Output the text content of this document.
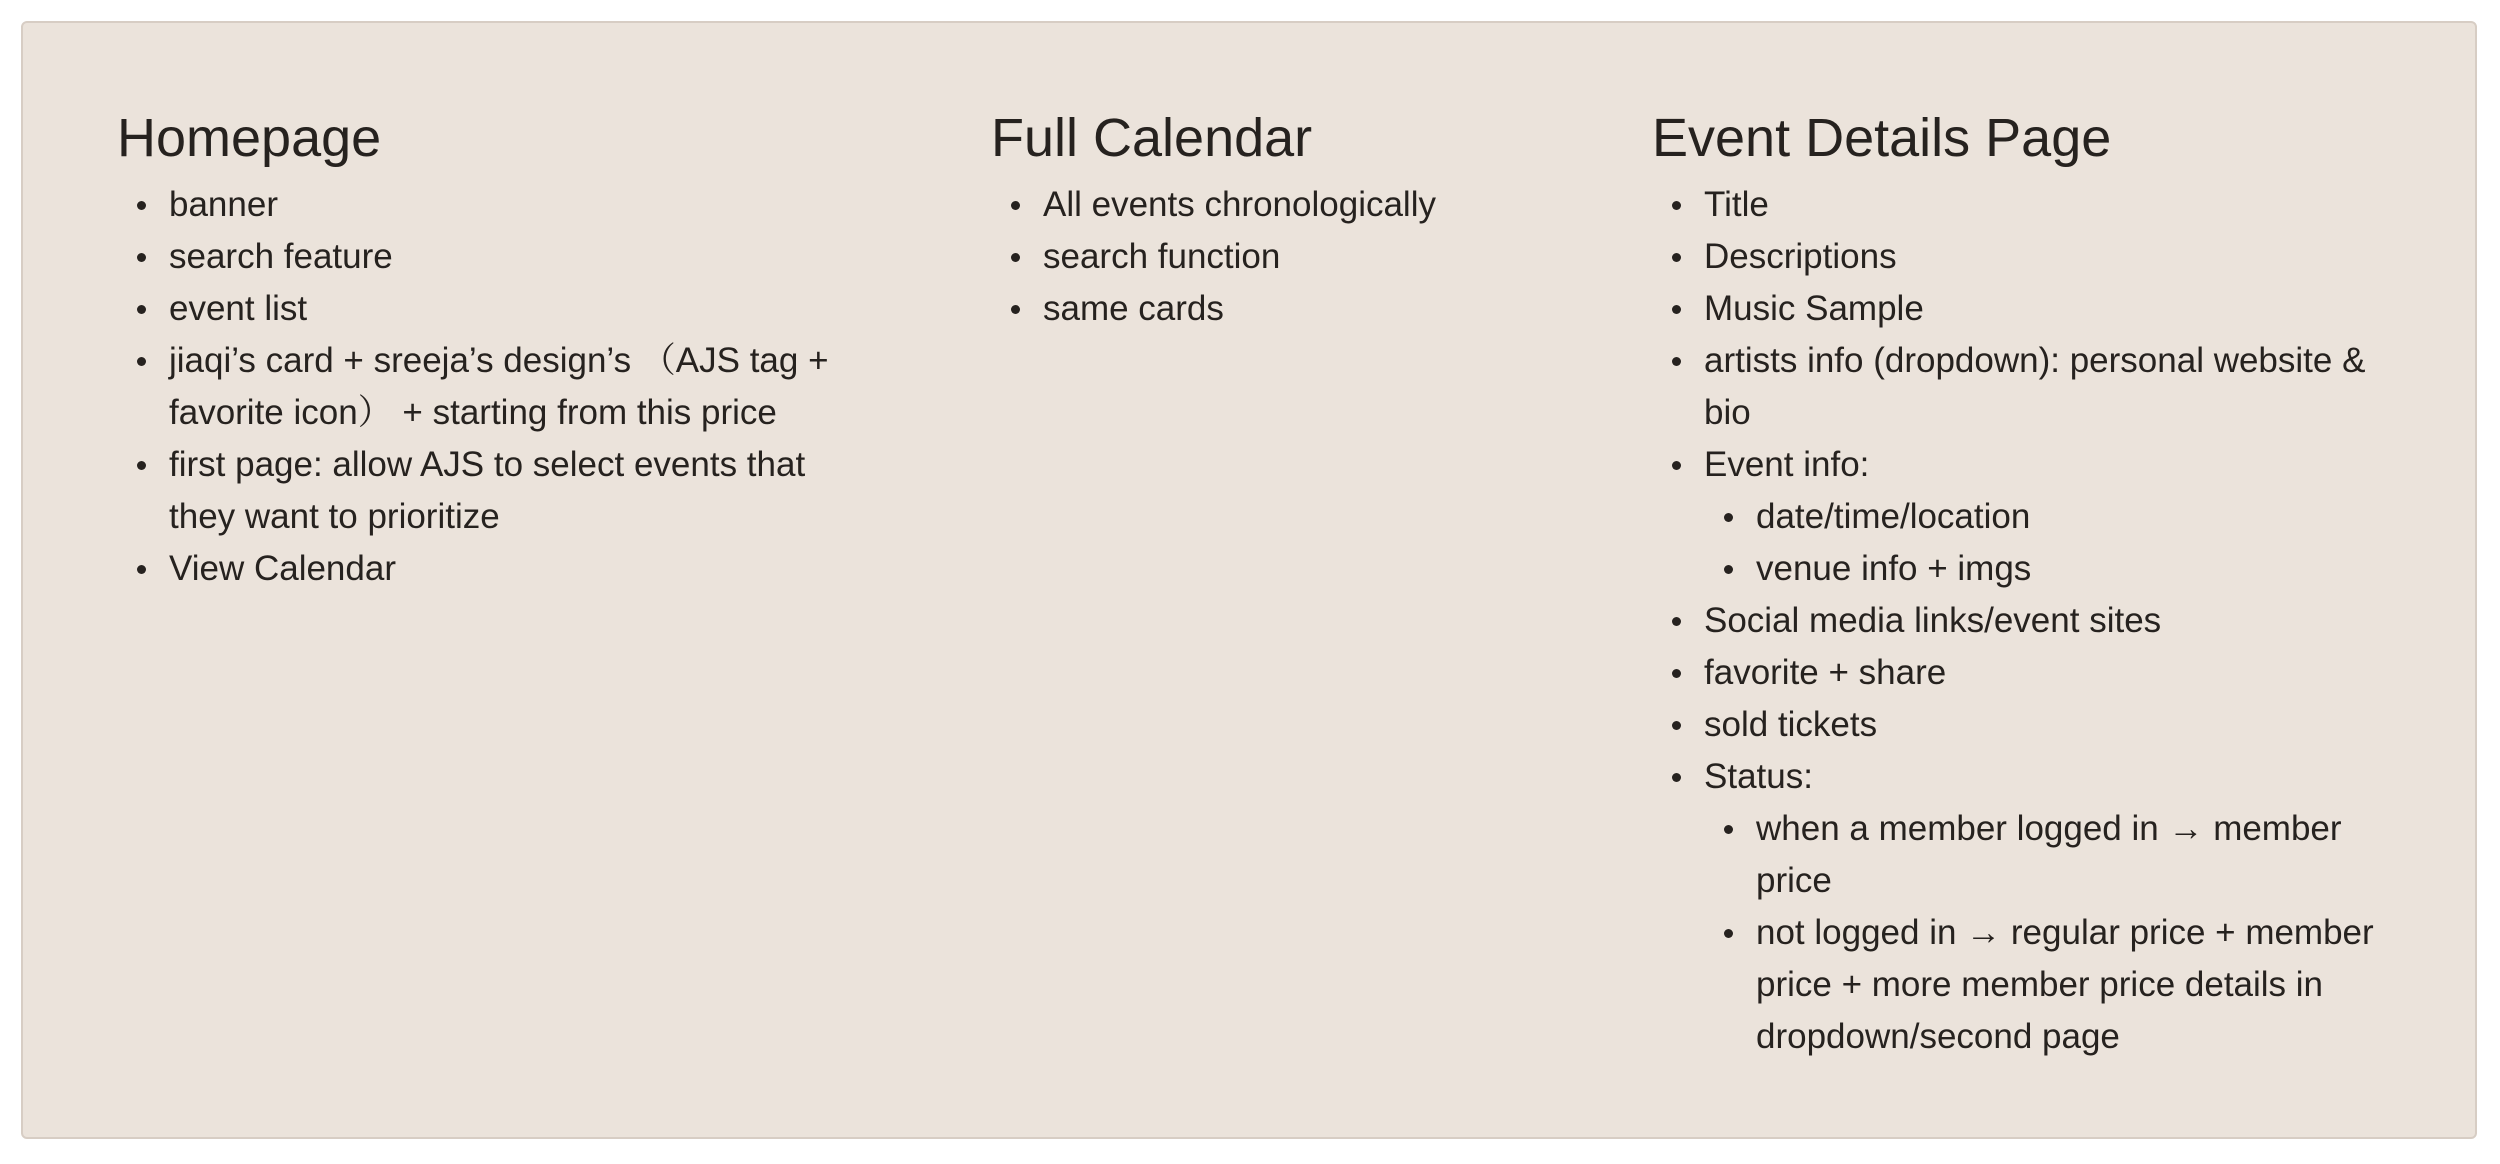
Homepage
banner
search feature
event list
jiaqi’s card + sreeja’s design’s （AJS tag + favorite icon） + starting from this price
first page: allow AJS to select events that they want to prioritize
View Calendar
Full Calendar
All events chronologically
search function
same cards
Event Details Page
Title
Descriptions
Music Sample
artists info (dropdown): personal website & bio
Event info:
date/time/location
venue info + imgs
Social media links/event sites
favorite + share
sold tickets
Status:
when a member logged in → member price
not logged in → regular price + member price + more member price details in dropdown/second page
